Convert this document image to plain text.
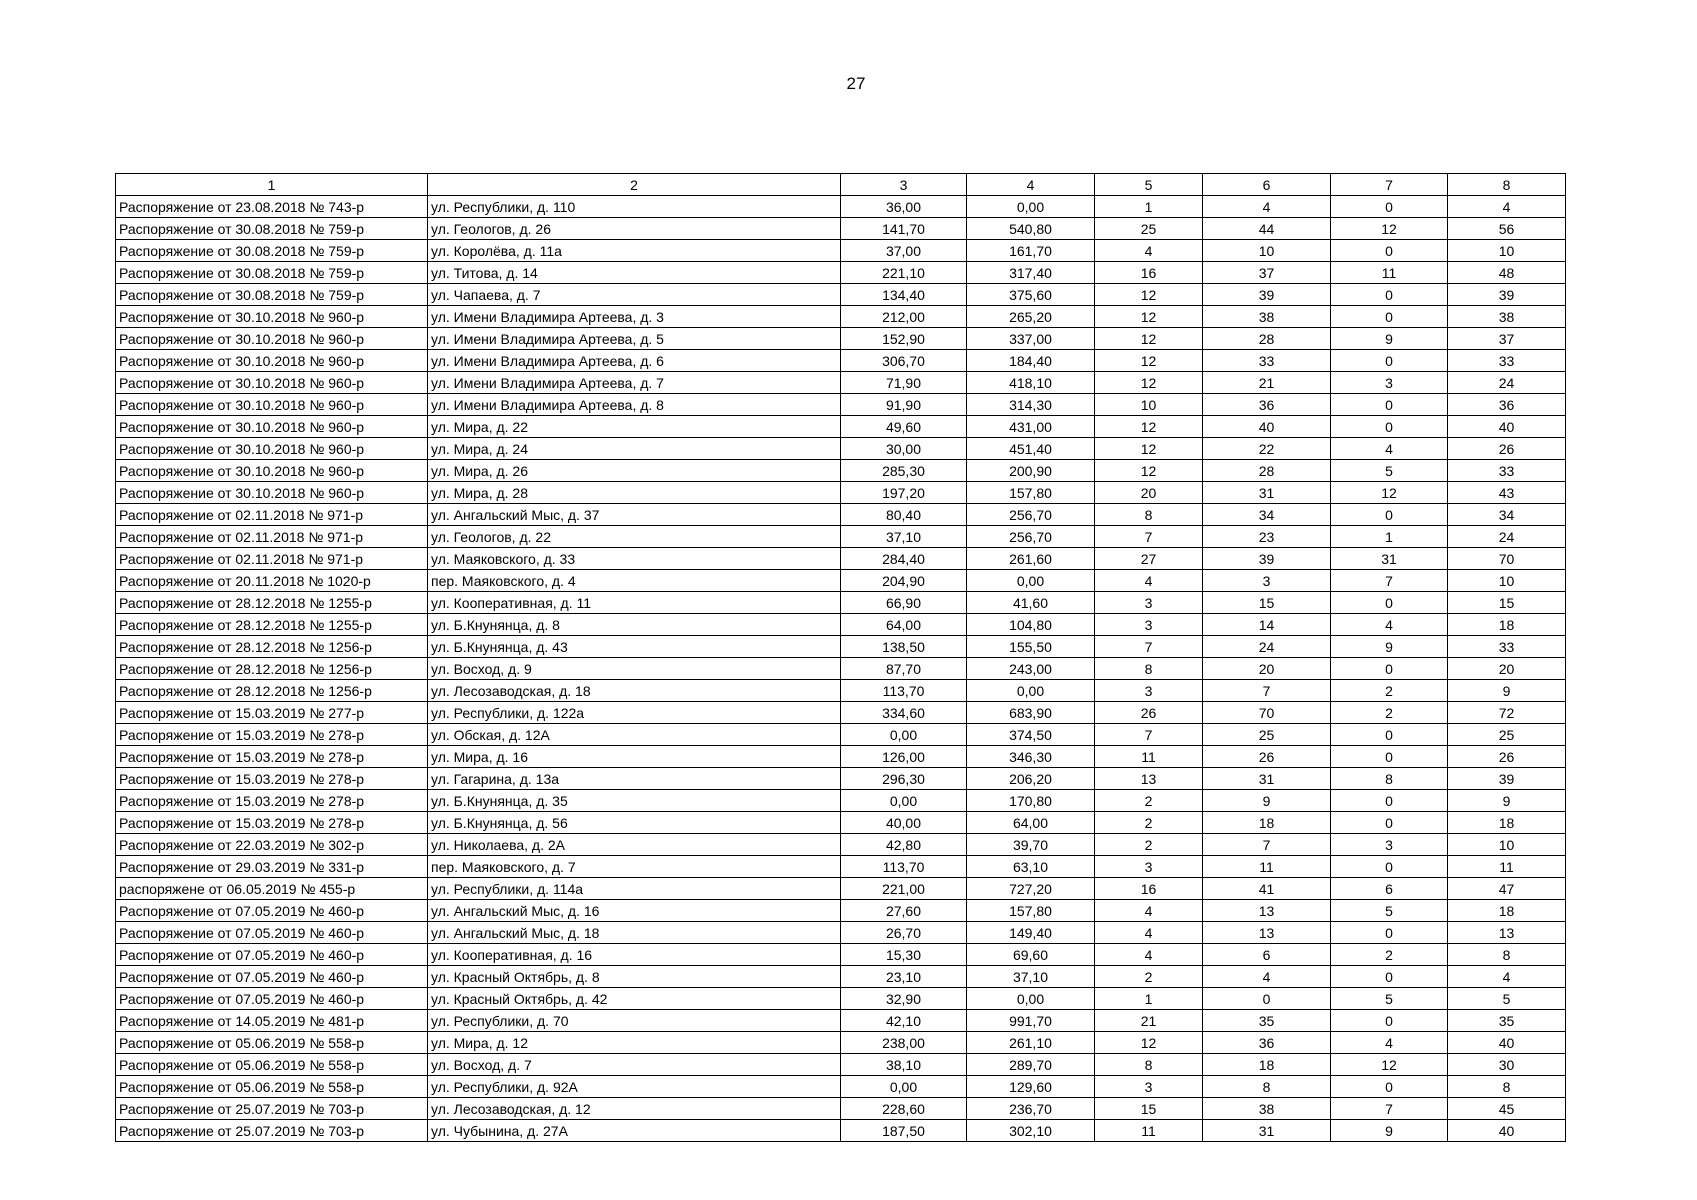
27
1	2	3	4	5	6	7	8
Распоряжение от 23.08.2018 № 743-р	ул. Республики, д. 110	36,00	0,00	1	4	0	4
Распоряжение от 30.08.2018 № 759-р	ул. Геологов, д. 26	141,70	540,80	25	44	12	56
Распоряжение от 30.08.2018 № 759-р	ул. Королёва, д. 11а	37,00	161,70	4	10	0	10
Распоряжение от 30.08.2018 № 759-р	ул. Титова, д. 14	221,10	317,40	16	37	11	48
Распоряжение от 30.08.2018 № 759-р	ул. Чапаева, д. 7	134,40	375,60	12	39	0	39
Распоряжение от 30.10.2018 № 960-р	ул. Имени Владимира Артеева, д. 3	212,00	265,20	12	38	0	38
Распоряжение от 30.10.2018 № 960-р	ул. Имени Владимира Артеева, д. 5	152,90	337,00	12	28	9	37
Распоряжение от 30.10.2018 № 960-р	ул. Имени Владимира Артеева, д. 6	306,70	184,40	12	33	0	33
Распоряжение от 30.10.2018 № 960-р	ул. Имени Владимира Артеева, д. 7	71,90	418,10	12	21	3	24
Распоряжение от 30.10.2018 № 960-р	ул. Имени Владимира Артеева, д. 8	91,90	314,30	10	36	0	36
Распоряжение от 30.10.2018 № 960-р	ул. Мира, д. 22	49,60	431,00	12	40	0	40
Распоряжение от 30.10.2018 № 960-р	ул. Мира, д. 24	30,00	451,40	12	22	4	26
Распоряжение от 30.10.2018 № 960-р	ул. Мира, д. 26	285,30	200,90	12	28	5	33
Распоряжение от 30.10.2018 № 960-р	ул. Мира, д. 28	197,20	157,80	20	31	12	43
Распоряжение от 02.11.2018 № 971-р	ул. Ангальский Мыс, д. 37	80,40	256,70	8	34	0	34
Распоряжение от 02.11.2018 № 971-р	ул. Геологов, д. 22	37,10	256,70	7	23	1	24
Распоряжение от 02.11.2018 № 971-р	ул. Маяковского, д. 33	284,40	261,60	27	39	31	70
Распоряжение от 20.11.2018 № 1020-р	пер. Маяковского, д. 4	204,90	0,00	4	3	7	10
Распоряжение от 28.12.2018 № 1255-р	ул. Кооперативная, д. 11	66,90	41,60	3	15	0	15
Распоряжение от 28.12.2018 № 1255-р	ул. Б.Кнунянца, д. 8	64,00	104,80	3	14	4	18
Распоряжение от 28.12.2018 № 1256-р	ул. Б.Кнунянца, д. 43	138,50	155,50	7	24	9	33
Распоряжение от 28.12.2018 № 1256-р	ул. Восход, д. 9	87,70	243,00	8	20	0	20
Распоряжение от 28.12.2018 № 1256-р	ул. Лесозаводская, д. 18	113,70	0,00	3	7	2	9
Распоряжение от 15.03.2019 № 277-р	ул. Республики, д. 122а	334,60	683,90	26	70	2	72
Распоряжение от 15.03.2019 № 278-р	ул. Обская, д. 12А	0,00	374,50	7	25	0	25
Распоряжение от 15.03.2019 № 278-р	ул. Мира, д. 16	126,00	346,30	11	26	0	26
Распоряжение от 15.03.2019 № 278-р	ул. Гагарина, д. 13а	296,30	206,20	13	31	8	39
Распоряжение от 15.03.2019 № 278-р	ул. Б.Кнунянца, д. 35	0,00	170,80	2	9	0	9
Распоряжение от 15.03.2019 № 278-р	ул. Б.Кнунянца, д. 56	40,00	64,00	2	18	0	18
Распоряжение от 22.03.2019 № 302-р	ул. Николаева, д. 2А	42,80	39,70	2	7	3	10
Распоряжение от 29.03.2019 № 331-р	пер. Маяковского, д. 7	113,70	63,10	3	11	0	11
распоряжене от 06.05.2019 № 455-р	ул. Республики, д. 114а	221,00	727,20	16	41	6	47
Распоряжение от 07.05.2019 № 460-р	ул. Ангальский Мыс, д. 16	27,60	157,80	4	13	5	18
Распоряжение от 07.05.2019 № 460-р	ул. Ангальский Мыс, д. 18	26,70	149,40	4	13	0	13
Распоряжение от 07.05.2019 № 460-р	ул. Кооперативная, д. 16	15,30	69,60	4	6	2	8
Распоряжение от 07.05.2019 № 460-р	ул. Красный Октябрь, д. 8	23,10	37,10	2	4	0	4
Распоряжение от 07.05.2019 № 460-р	ул. Красный Октябрь, д. 42	32,90	0,00	1	0	5	5
Распоряжение от 14.05.2019 № 481-р	ул. Республики, д. 70	42,10	991,70	21	35	0	35
Распоряжение от 05.06.2019 № 558-р	ул. Мира, д. 12	238,00	261,10	12	36	4	40
Распоряжение от 05.06.2019 № 558-р	ул. Восход, д. 7	38,10	289,70	8	18	12	30
Распоряжение от 05.06.2019 № 558-р	ул. Республики, д. 92А	0,00	129,60	3	8	0	8
Распоряжение от 25.07.2019 № 703-р	ул. Лесозаводская, д. 12	228,60	236,70	15	38	7	45
Распоряжение от 25.07.2019 № 703-р	ул. Чубынина, д. 27А	187,50	302,10	11	31	9	40
